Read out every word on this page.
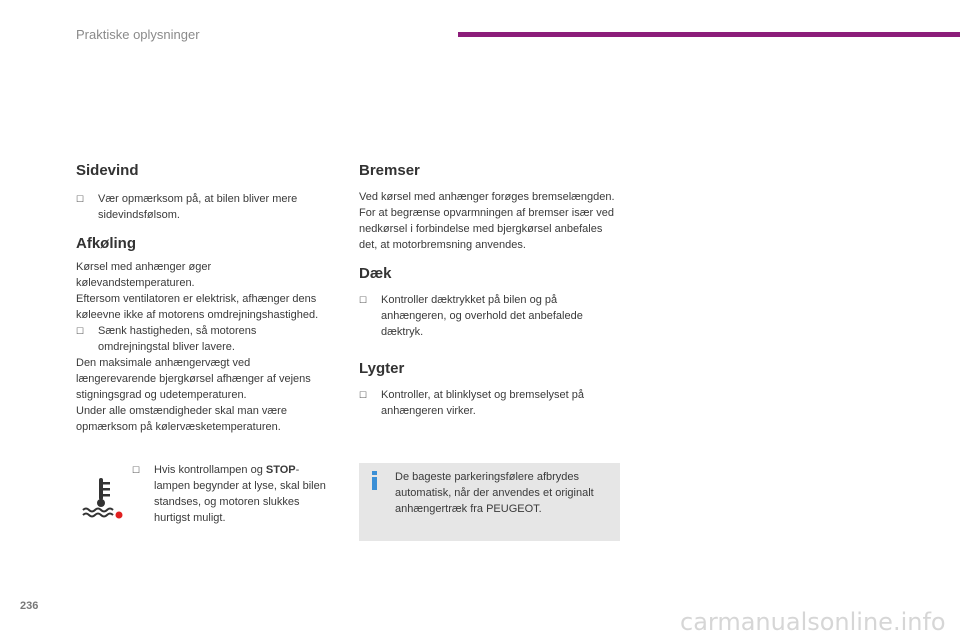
Praktiske oplysninger
Sidevind
☐ Vær opmærksom på, at bilen bliver mere sidevindsfølsom.
Afkøling

Kørsel med anhænger øger kølevandstemperaturen.

Eftersom ventilatoren er elektrisk, afhænger dens køleevne ikke af motorens omdrejningshastighed.

☐ Sænk hastigheden, så motorens omdrejningstal bliver lavere.

Den maksimale anhængervægt ved længerevarende bjergkørsel afhænger af vejens stigningsgrad og udetemperaturen.

Under alle omstændigheder skal man være opmærksom på kølervæsketemperaturen.

☐ Hvis kontrollampen og STOP-lampen begynder at lyse, skal bilen standses, og motoren slukkes hurtigst muligt.
Bremser

Ved kørsel med anhænger forøges bremselængden.

For at begrænse opvarmningen af bremser især ved nedkørsel i forbindelse med bjergkørsel anbefales det, at motorbremsning anvendes.

Dæk
☐ Kontroller dæktrykket på bilen og på anhængeren, og overhold det anbefalede dæktryk.
Lygter
☐ Kontroller, at blinklyset og bremselyset på anhængeren virker.
De bageste parkeringsfølere afbrydes automatisk, når der anvendes et originalt anhængertræk fra PEUGEOT.
236
carmanualsonline.info
